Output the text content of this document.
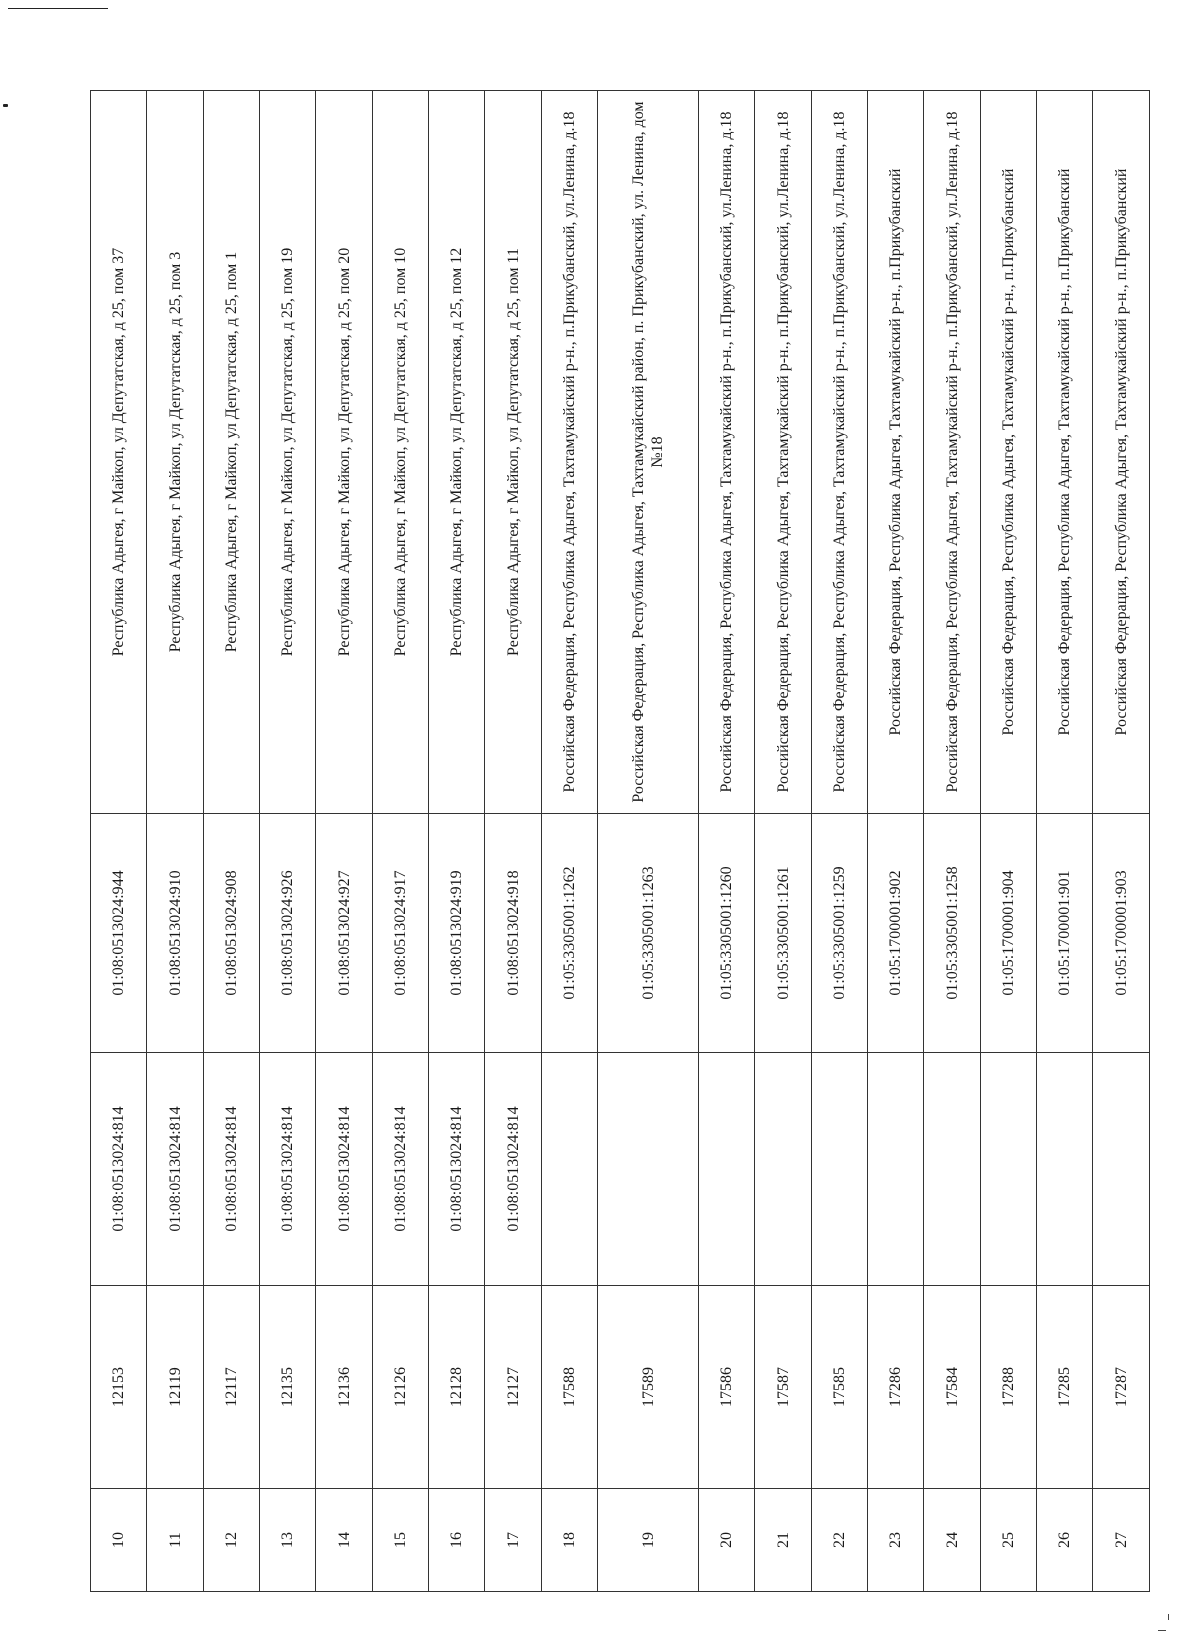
10	12153	01:08:0513024:814	01:08:0513024:944	Республика Адыгея, г Майкоп, ул Депутатская, д 25, пом 37
11	12119	01:08:0513024:814	01:08:0513024:910	Республика Адыгея, г Майкоп, ул Депутатская, д 25, пом 3
12	12117	01:08:0513024:814	01:08:0513024:908	Республика Адыгея, г Майкоп, ул Депутатская, д 25, пом 1
13	12135	01:08:0513024:814	01:08:0513024:926	Республика Адыгея, г Майкоп, ул Депутатская, д 25, пом 19
14	12136	01:08:0513024:814	01:08:0513024:927	Республика Адыгея, г Майкоп, ул Депутатская, д 25, пом 20
15	12126	01:08:0513024:814	01:08:0513024:917	Республика Адыгея, г Майкоп, ул Депутатская, д 25, пом 10
16	12128	01:08:0513024:814	01:08:0513024:919	Республика Адыгея, г Майкоп, ул Депутатская, д 25, пом 12
17	12127	01:08:0513024:814	01:08:0513024:918	Республика Адыгея, г Майкоп, ул Депутатская, д 25, пом 11
18	17588		01:05:3305001:1262	Российская Федерация, Республика Адыгея, Тахтамукайский р-н., п.Прикубанский, ул.Ленина, д.18
19	17589		01:05:3305001:1263	Российская Федерация, Республика Адыгея, Тахтамукайский район, п. Прикубанский, ул. Ленина, дом №18
20	17586		01:05:3305001:1260	Российская Федерация, Республика Адыгея, Тахтамукайский р-н., п.Прикубанский, ул.Ленина, д.18
21	17587		01:05:3305001:1261	Российская Федерация, Республика Адыгея, Тахтамукайский р-н., п.Прикубанский, ул.Ленина, д.18
22	17585		01:05:3305001:1259	Российская Федерация, Республика Адыгея, Тахтамукайский р-н., п.Прикубанский, ул.Ленина, д.18
23	17286		01:05:1700001:902	Российская Федерация, Республика Адыгея, Тахтамукайский р-н., п.Прикубанский
24	17584		01:05:3305001:1258	Российская Федерация, Республика Адыгея, Тахтамукайский р-н., п.Прикубанский, ул.Ленина, д.18
25	17288		01:05:1700001:904	Российская Федерация, Республика Адыгея, Тахтамукайский р-н., п.Прикубанский
26	17285		01:05:1700001:901	Российская Федерация, Республика Адыгея, Тахтамукайский р-н., п.Прикубанский
27	17287		01:05:1700001:903	Российская Федерация, Республика Адыгея, Тахтамукайский р-н., п.Прикубанский
